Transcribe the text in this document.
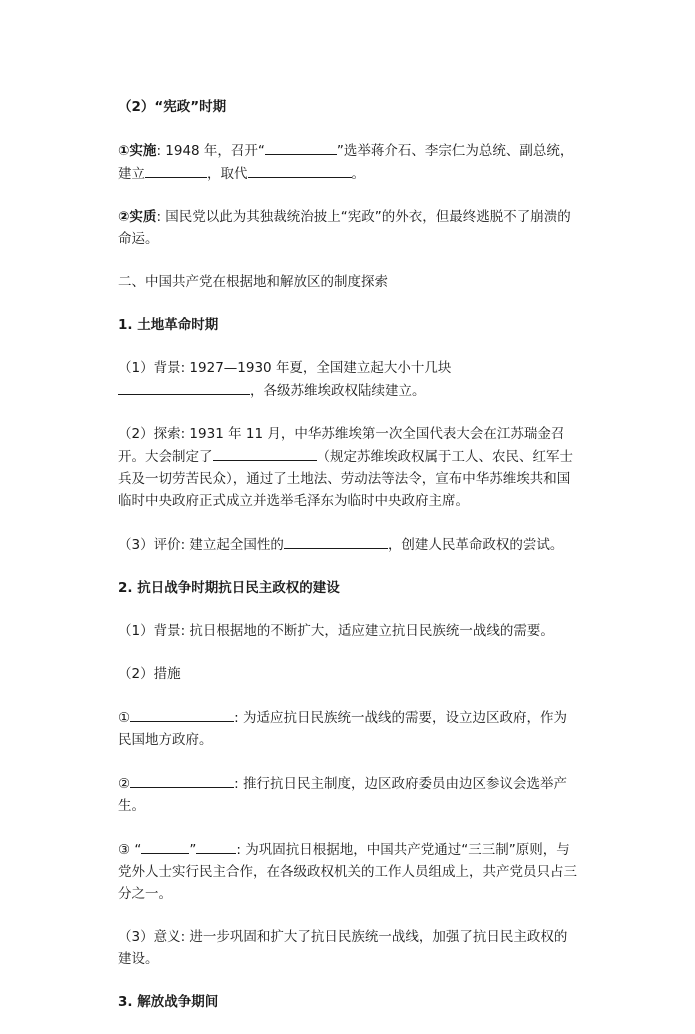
（2）“宪政”时期

①实施: 1948 年，召开“	”选举蒋介石、李宗仁为总统、副总统，建立	，取代	。

②实质: 国民党以此为其独裁统治披上“宪政”的外衣，但最终逃脱不了崩溃的命运。

二、中国共产党在根据地和解放区的制度探索

1. 土地革命时期

（1）背景: 1927—1930 年夏，全国建立起大小十几块，各级苏维埃政权陆续建立。

（2）探索: 1931 年 11 月，中华苏维埃第一次全国代表大会在江苏瑞金召开。大会制定了	（规定苏维埃政权属于工人、农民、红军士兵及一切劳苦民众），通过了土地法、劳动法等法令，宣布中华苏维埃共和国临时中央政府正式成立并选举毛泽东为临时中央政府主席。

（3）评价: 建立起全国性的	，创建人民革命政权的尝试。

2. 抗日战争时期抗日民主政权的建设

（1）背景: 抗日根据地的不断扩大，适应建立抗日民族统一战线的需要。

（2）措施

①	: 为适应抗日民族统一战线的需要，设立边区政府，作为民国地方政府。

②	: 推行抗日民主制度，边区政府委员由边区参议会选举产生。

③ “	”	: 为巩固抗日根据地，中国共产党通过“三三制”原则，与党外人士实行民主合作，在各级政权机关的工作人员组成上，共产党员只占三分之一。

（3）意义: 进一步巩固和扩大了抗日民族统一战线，加强了抗日民主政权的建设。

3. 解放战争期间
